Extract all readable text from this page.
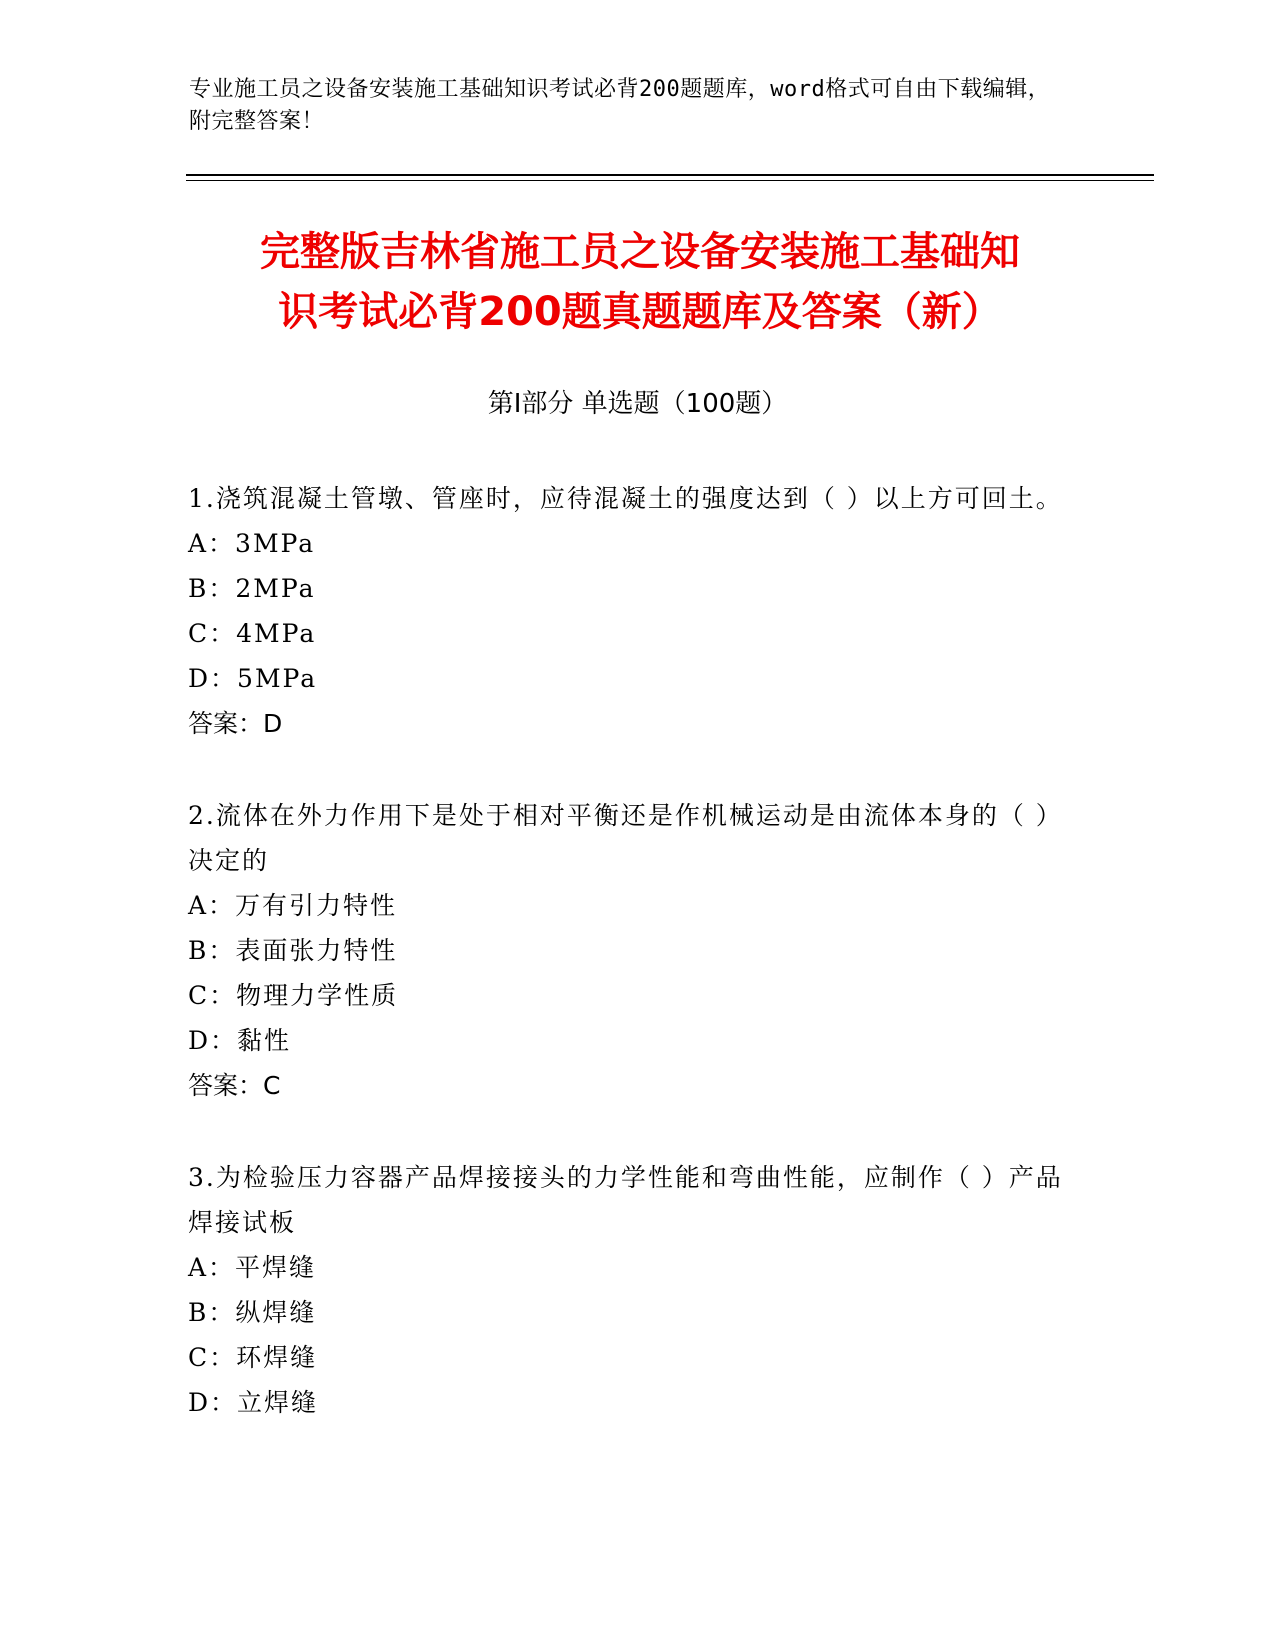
专业施工员之设备安装施工基础知识考试必背200题题库，word格式可自由下载编辑，附完整答案！
完整版吉林省施工员之设备安装施工基础知
识考试必背200题真题题库及答案（新）
第Ⅰ部分 单选题（100题）
1.浇筑混凝土管墩、管座时，应待混凝土的强度达到（ ）以上方可回土。
A：3MPa
B：2MPa
C：4MPa
D：5MPa
答案：D
2.流体在外力作用下是处于相对平衡还是作机械运动是由流体本身的（ ）决定的
A：万有引力特性
B：表面张力特性
C：物理力学性质
D：黏性
答案：C
3.为检验压力容器产品焊接接头的力学性能和弯曲性能，应制作（ ）产品焊接试板
A：平焊缝
B：纵焊缝
C：环焊缝
D：立焊缝
